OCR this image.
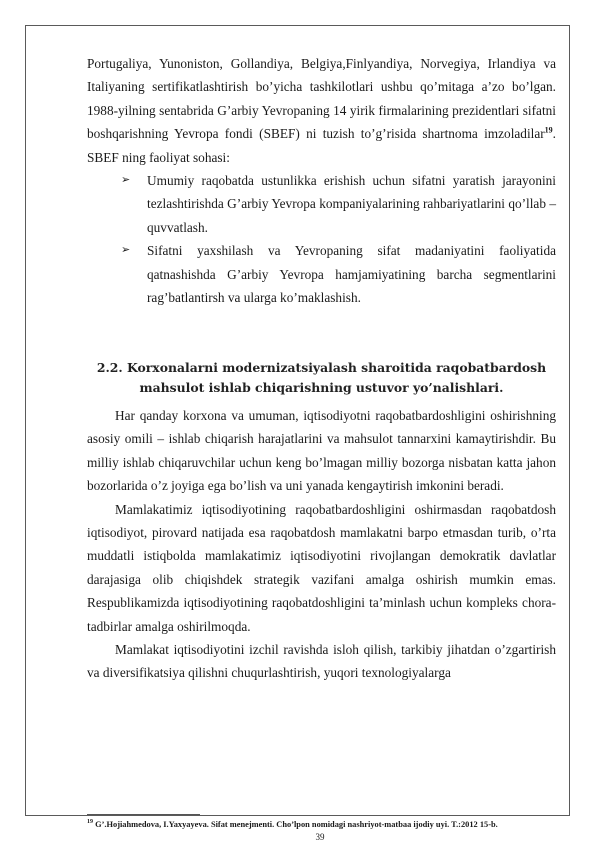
Portugaliya, Yunoniston, Gollandiya, Belgiya,Finlyandiya, Norvegiya, Irlandiya va Italiyaning sertifikatlashtirish bo’yicha tashkilotlari ushbu qo’mitaga a’zo bo’lgan. 1988-yilning sentabrida G’arbiy Yevropaning 14 yirik firmalarining prezidentlari sifatni boshqarishning Yevropa fondi (SBEF) ni tuzish to’g’risida shartnoma imzoladilar$^{19}$. SBEF ning faoliyat sohasi:

➢ Umumiy raqobatda ustunlikka erishish uchun sifatni yaratish jarayonini tezlashtirishda G’arbiy Yevropa kompaniyalarining rahbariyatlarini qo’llab – quvvatlash.
➢ Sifatni yaxshilash va Yevropaning sifat madaniyatini faoliyatida qatnashishda G’arbiy Yevropa hamjamiyatining barcha segmentlarini rag’batlantirsh va ularga ko’maklashish.
2.2. Korxonalarni modernizatsiyalash sharoitida raqobatbardosh
mahsulot ishlab chiqarishning ustuvor yo’nalishlari.

Har qanday korxona va umuman, iqtisodiyotni raqobatbardoshligini oshirishning asosiy omili – ishlab chiqarish harajatlarini va mahsulot tannarxini kamaytirishdir. Bu milliy ishlab chiqaruvchilar uchun keng bo’lmagan milliy bozorga nisbatan katta jahon bozorlarida o’z joyiga ega bo’lish va uni yanada kengaytirish imkonini beradi.

Mamlakatimiz iqtisodiyotining raqobatbardoshligini oshirmasdan raqobatdosh iqtisodiyot, pirovard natijada esa raqobatdosh mamlakatni barpo etmasdan turib, o’rta muddatli istiqbolda mamlakatimiz iqtisodiyotini rivojlangan demokratik davlatlar darajasiga olib chiqishdek strategik vazifani amalga oshirish mumkin emas. Respublikamizda iqtisodiyotining raqobatdoshligini ta’minlash uchun kompleks chora-tadbirlar amalga oshirilmoqda.

Mamlakat iqtisodiyotini izchil ravishda isloh qilish, tarkibiy jihatdan o’zgartirish va diversifikatsiya qilishni chuqurlashtirish, yuqori texnologiyalarga

$^{19}$ G’.Hojiahmedova, I.Yaxyayeva. Sifat menejmenti. Cho’lpon nomidagi nashriyot-matbaa ijodiy uyi. T.:2012 15-b.
39
